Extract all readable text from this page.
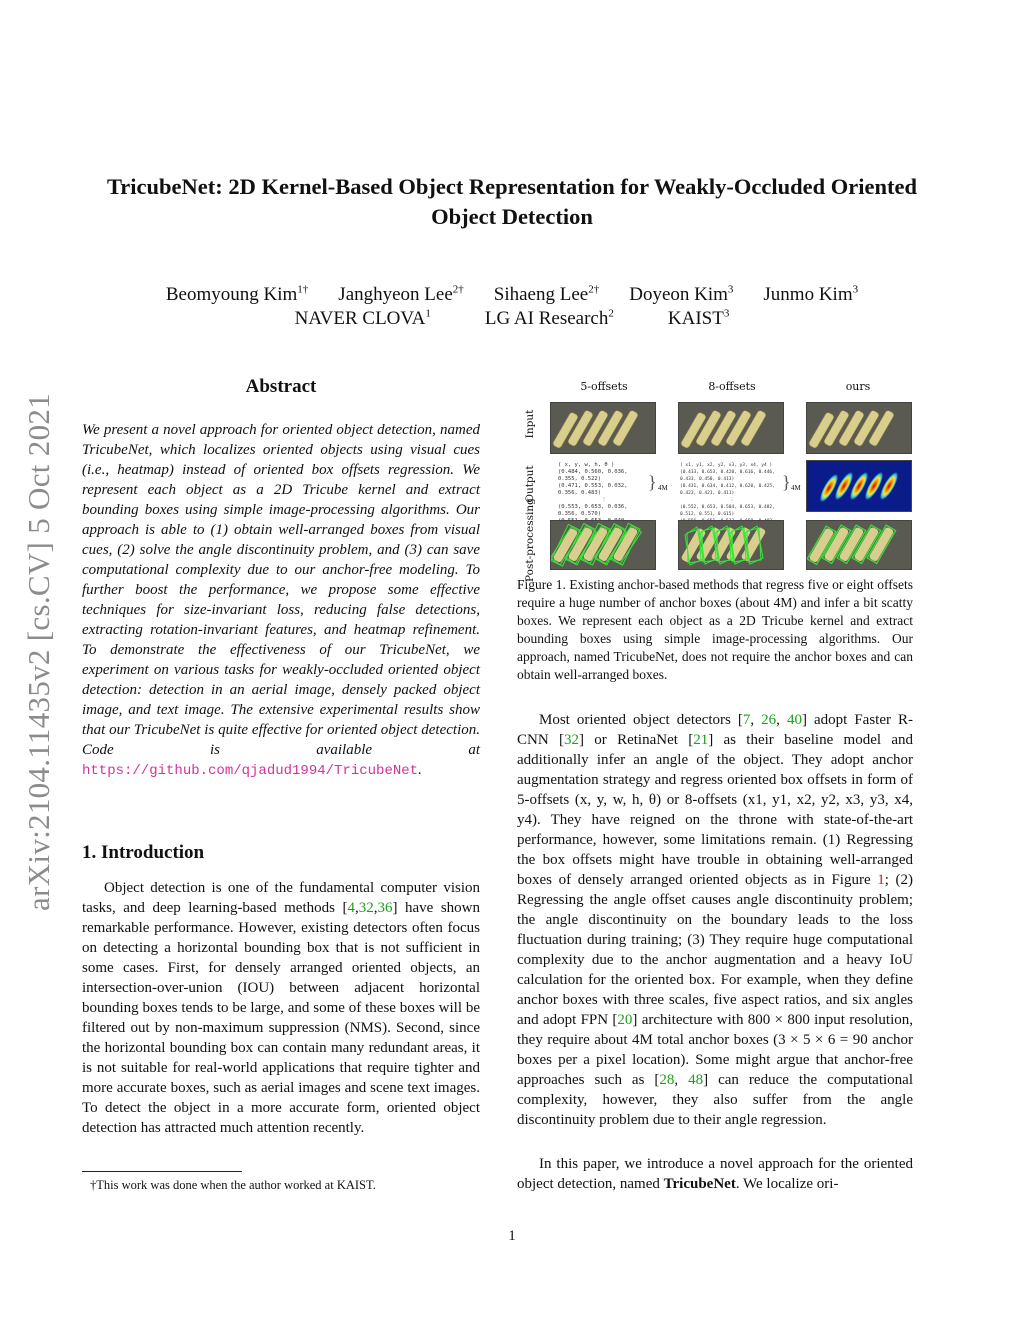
TricubeNet: 2D Kernel-Based Object Representation for Weakly-Occluded Oriented Object Detection
Beomyoung Kim$^{1\dagger}$ Janghyeon Lee$^{2\dagger}$ Sihaeng Lee$^{2\dagger}$ Doyeon Kim$^3$ Junmo Kim$^3$
NAVER CLOVA$^1$	LG AI Research$^2$	KAIST$^3$
arXiv:2104.11435v2 [cs.CV] 5 Oct 2021
Abstract
We present a novel approach for oriented object detection, named TricubeNet, which localizes oriented objects using visual cues (i.e., heatmap) instead of oriented box offsets regression. We represent each object as a 2D Tricube kernel and extract bounding boxes using simple image-processing algorithms. Our approach is able to (1) obtain well-arranged boxes from visual cues, (2) solve the angle discontinuity problem, and (3) can save computational complexity due to our anchor-free modeling. To further boost the performance, we propose some effective techniques for size-invariant loss, reducing false detections, extracting rotation-invariant features, and heatmap refinement. To demonstrate the effectiveness of our TricubeNet, we experiment on various tasks for weakly-occluded oriented object detection: detection in an aerial image, densely packed object image, and text image. The extensive experimental results show that our TricubeNet is quite effective for oriented object detection. Code is available at https://github.com/qjadud1994/TricubeNet.
1. Introduction
Object detection is one of the fundamental computer vision tasks, and deep learning-based methods [4,32,36] have shown remarkable performance. However, existing detectors often focus on detecting a horizontal bounding box that is not sufficient in some cases. First, for densely arranged oriented objects, an intersection-over-union (IOU) between adjacent horizontal bounding boxes tends to be large, and some of these boxes will be filtered out by non-maximum suppression (NMS). Second, since the horizontal bounding box can contain many redundant areas, it is not suitable for real-world applications that require tighter and more accurate boxes, such as aerial images and scene text images. To detect the object in a more accurate form, oriented object detection has attracted much attention recently.
†This work was done when the author worked at KAIST.
5-offsets	8-offsets	ours
Input
Output
Post-processing
( x, y, w, h, θ )
(0.484, 0.560, 0.036, 0.355, 0.522)
(0.471, 0.553, 0.032, 0.356, 0.483)
⋮
(0.553, 0.653, 0.036, 0.356, 0.570)
} 4M
( x1, y1, x2, y2, x3, y3, x4, y4 )
(0.433, 0.653, 0.420, 0.616, 0.446, 0.433, 0.450, 0.413)
(0.431, 0.634, 0.412, 0.620, 0.425, 0.423, 0.421, 0.411)
⋮
(0.552, 0.653, 0.504, 0.653, 0.482, 0.512, 0.551, 0.615)
} 4M
Figure 1. Existing anchor-based methods that regress five or eight offsets require a huge number of anchor boxes (about 4M) and infer a bit scatty boxes. We represent each object as a 2D Tricube kernel and extract bounding boxes using simple image-processing algorithms. Our approach, named TricubeNet, does not require the anchor boxes and can obtain well-arranged boxes.
Most oriented object detectors [7, 26, 40] adopt Faster R-CNN [32] or RetinaNet [21] as their baseline model and additionally infer an angle of the object. They adopt anchor augmentation strategy and regress oriented box offsets in form of 5-offsets (x, y, w, h, θ) or 8-offsets (x1, y1, x2, y2, x3, y3, x4, y4). They have reigned on the throne with state-of-the-art performance, however, some limitations remain. (1) Regressing the box offsets might have trouble in obtaining well-arranged boxes of densely arranged oriented objects as in Figure 1; (2) Regressing the angle offset causes angle discontinuity problem; the angle discontinuity on the boundary leads to the loss fluctuation during training; (3) They require huge computational complexity due to the anchor augmentation and a heavy IoU calculation for the oriented box. For example, when they define anchor boxes with three scales, five aspect ratios, and six angles and adopt FPN [20] architecture with 800 × 800 input resolution, they require about 4M total anchor boxes (3 × 5 × 6 = 90 anchor boxes per a pixel location). Some might argue that anchor-free approaches such as [28, 48] can reduce the computational complexity, however, they also suffer from the angle discontinuity problem due to their angle regression.
In this paper, we introduce a novel approach for the oriented object detection, named TricubeNet. We localize ori-
1
